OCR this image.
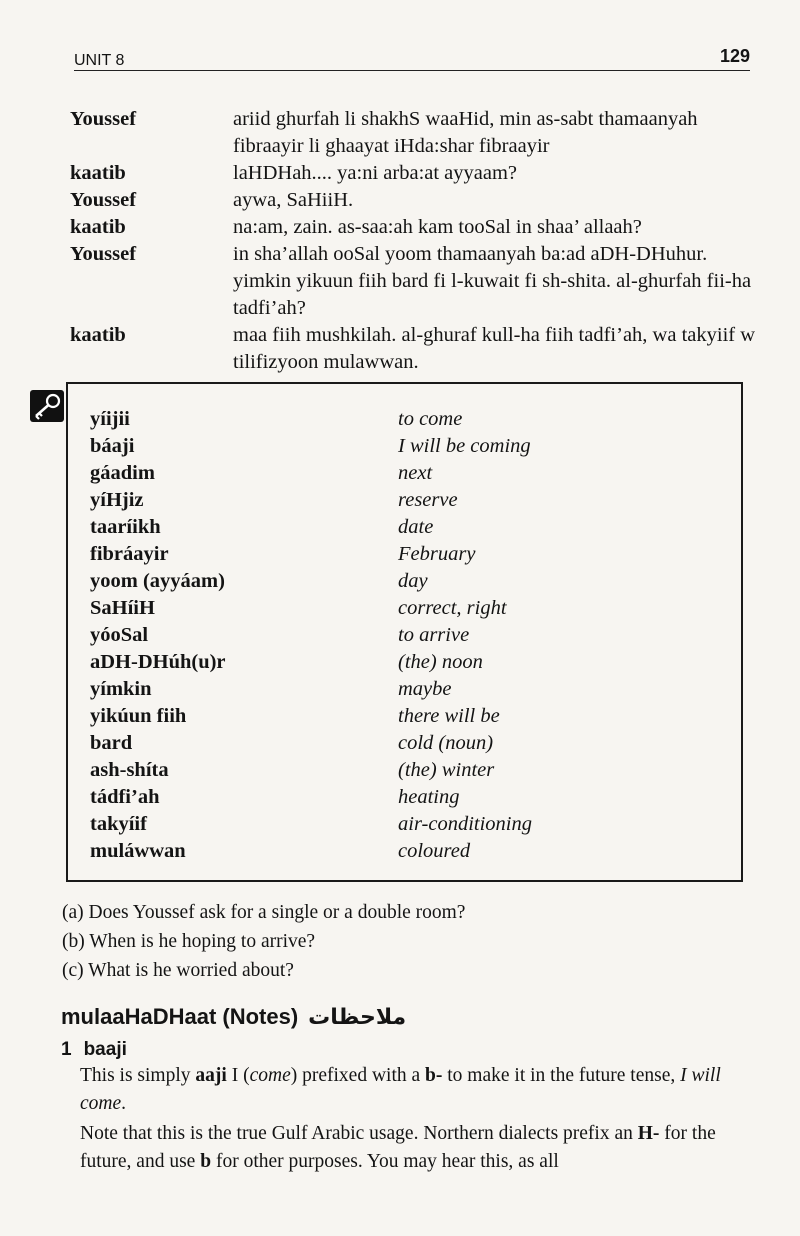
UNIT 8	129
Youssef	ariid ghurfah li shakhS waaHid, min as-sabt thamaanyah fibraayir li ghaayat iHda:shar fibraayir
kaatib	laHDHah.... ya:ni arba:at ayyaam?
Youssef	aywa, SaHiiH.
kaatib	na:am, zain. as-saa:ah kam tooSal in shaa’ allaah?
Youssef	in sha’allah ooSal yoom thamaanyah ba:ad aDH-DHuhur. yimkin yikuun fiih bard fi l-kuwait fi sh-shita. al-ghurfah fii-ha tadfi’ah?
kaatib	maa fiih mushkilah. al-ghuraf kull-ha fiih tadfi’ah, wa takyiif w tilifizyoon mulawwan.
yíijii	to come
báaji	I will be coming
gáadim	next
yíHjiz	reserve
taaríikh	date
fibráayir	February
yoom (ayyáam)	day
SaHíiH	correct, right
yóoSal	to arrive
aDH-DHúh(u)r	(the) noon
yímkin	maybe
yikúun fiih	there will be
bard	cold (noun)
ash-shíta	(the) winter
tádfi’ah	heating
takyíif	air-conditioning
muláwwan	coloured
(a) Does Youssef ask for a single or a double room?
(b) When is he hoping to arrive?
(c) What is he worried about?
mulaaHaDHaat (Notes) ملاحظات
1 baaji
This is simply aaji I (come) prefixed with a b- to make it in the future tense, I will come.
Note that this is the true Gulf Arabic usage. Northern dialects prefix an H- for the future, and use b for other purposes. You may hear this, as all
